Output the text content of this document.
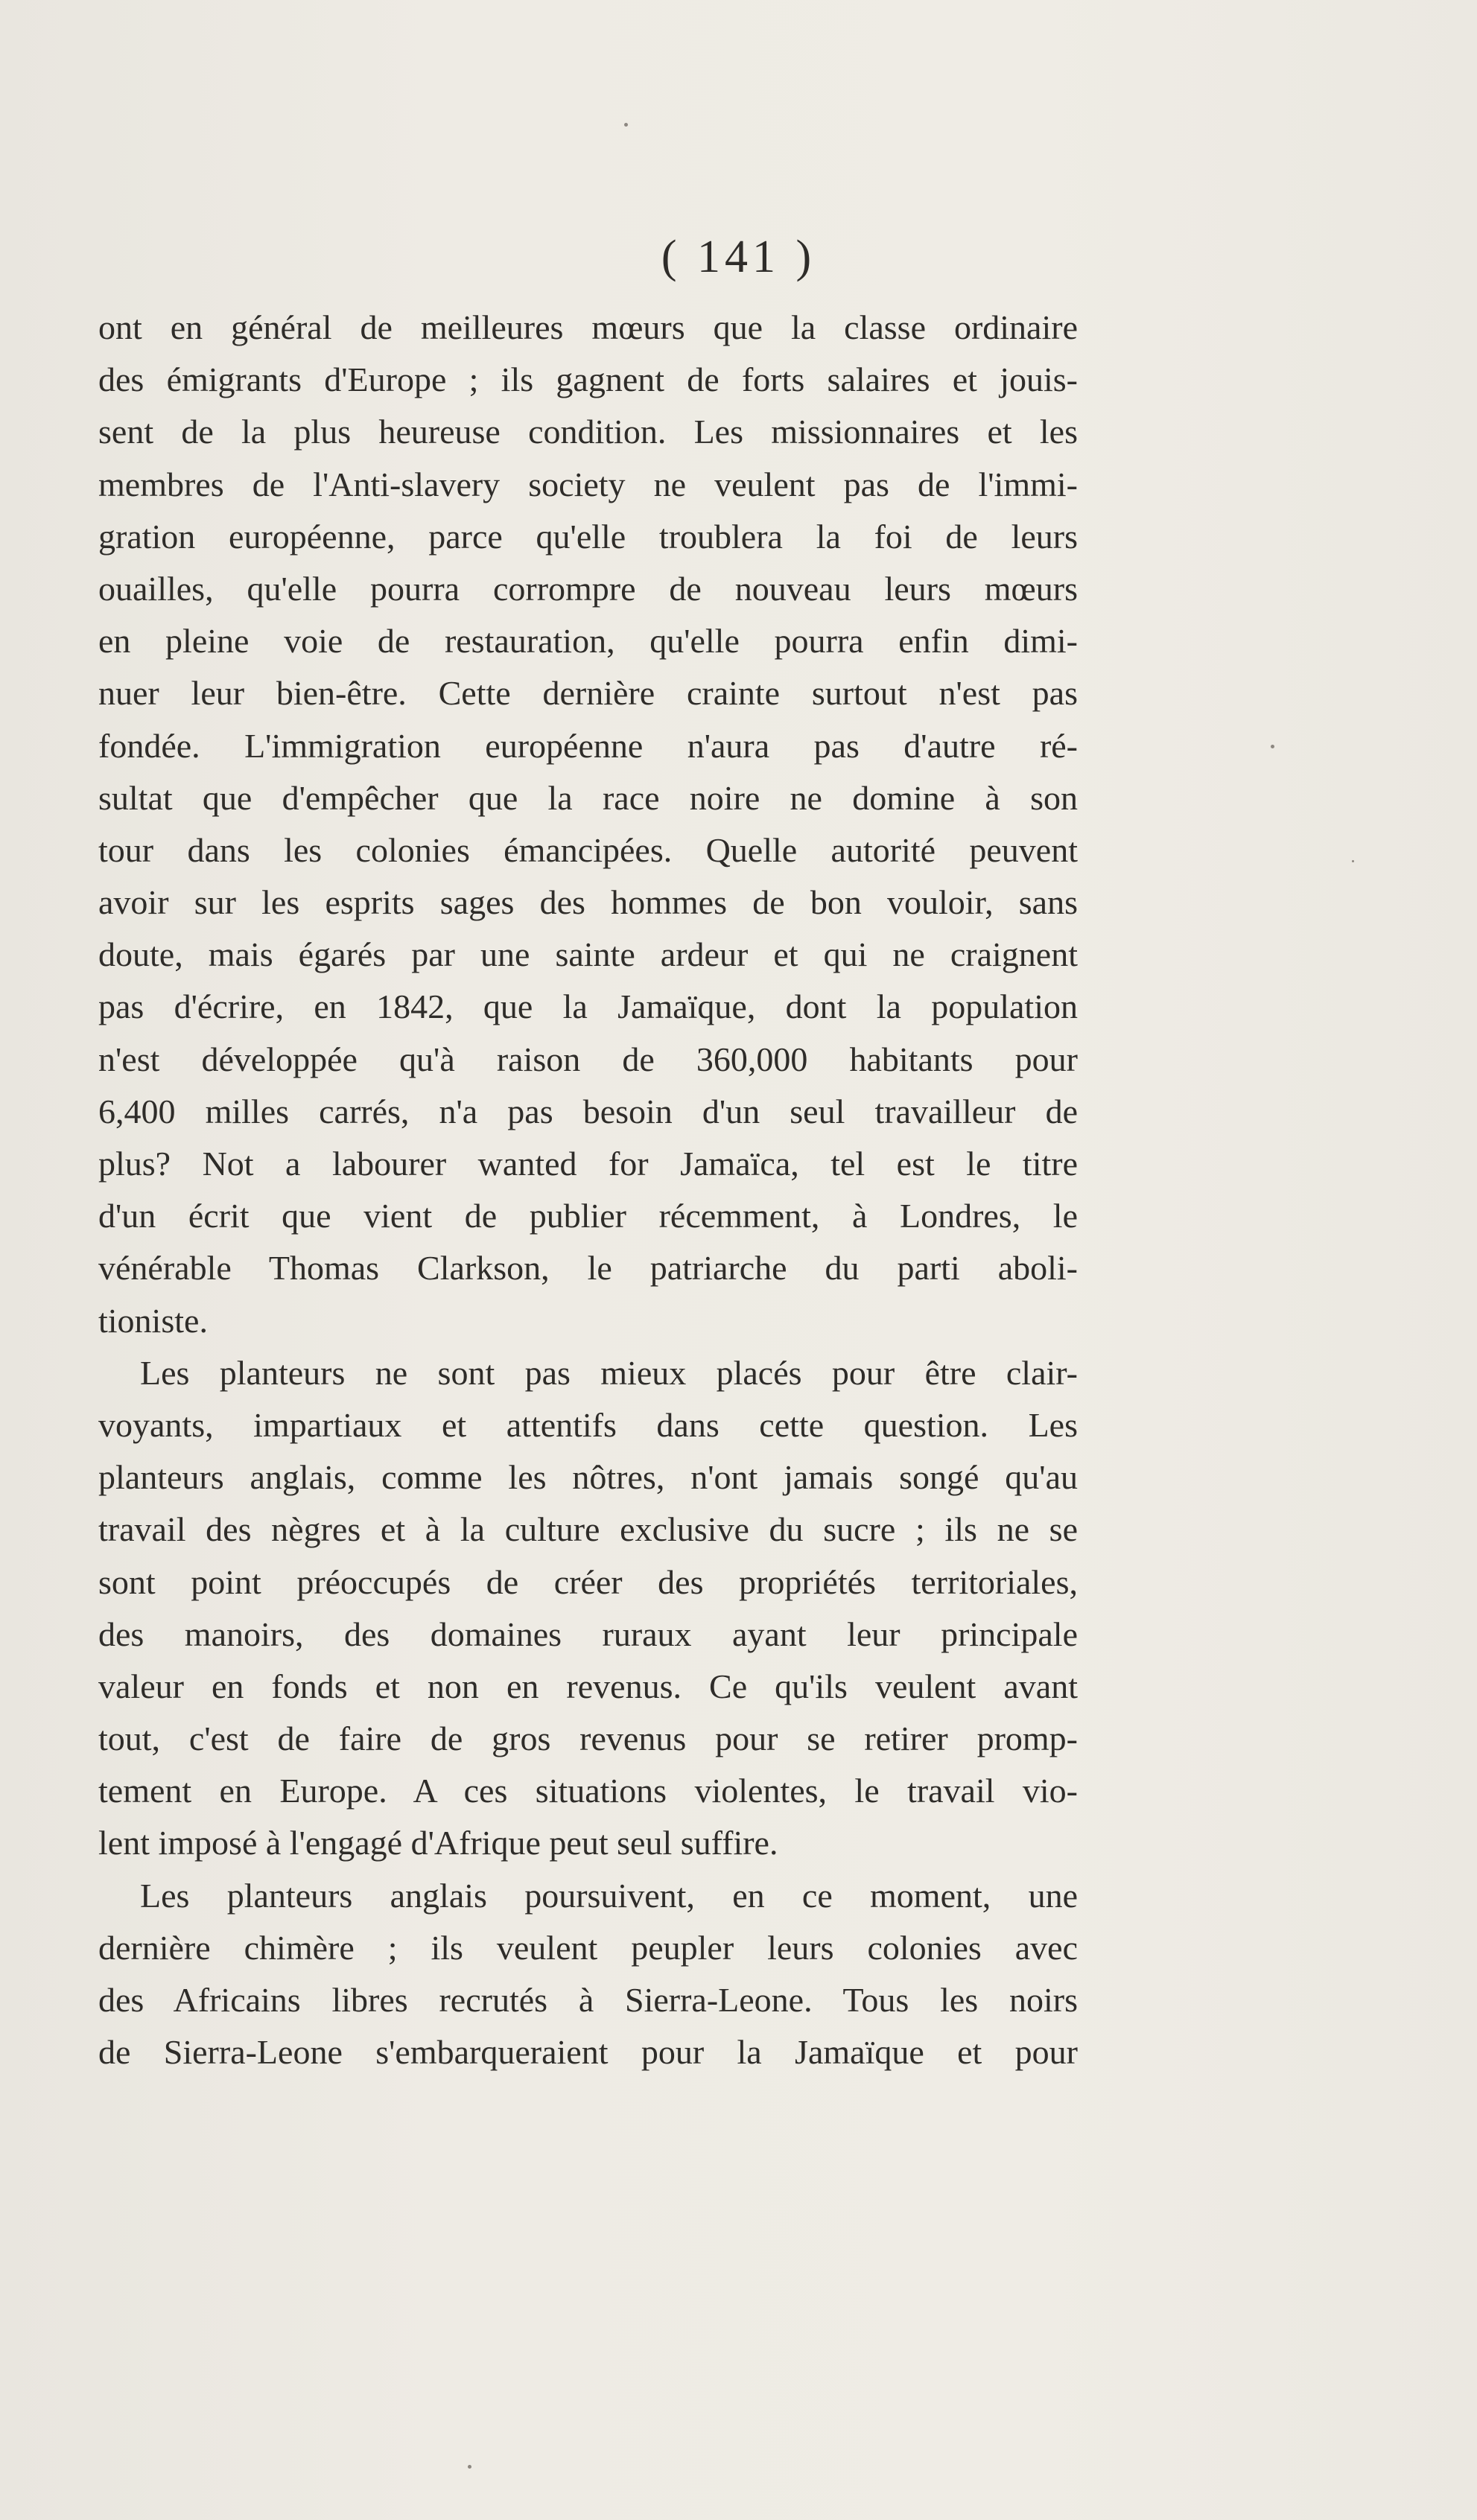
( 141 )
ont en général de meilleures mœurs que la classe ordinaire
des émigrants d'Europe ; ils gagnent de forts salaires et jouis-
sent de la plus heureuse condition. Les missionnaires et les
membres de l'Anti-slavery society ne veulent pas de l'immi-
gration européenne, parce qu'elle troublera la foi de leurs
ouailles, qu'elle pourra corrompre de nouveau leurs mœurs
en pleine voie de restauration, qu'elle pourra enfin dimi-
nuer leur bien-être. Cette dernière crainte surtout n'est pas
fondée. L'immigration européenne n'aura pas d'autre ré-
sultat que d'empêcher que la race noire ne domine à son
tour dans les colonies émancipées. Quelle autorité peuvent
avoir sur les esprits sages des hommes de bon vouloir, sans
doute, mais égarés par une sainte ardeur et qui ne craignent
pas d'écrire, en 1842, que la Jamaïque, dont la population
n'est développée qu'à raison de 360,000 habitants pour
6,400 milles carrés, n'a pas besoin d'un seul travailleur de
plus? Not a labourer wanted for Jamaïca, tel est le titre
d'un écrit que vient de publier récemment, à Londres, le
vénérable Thomas Clarkson, le patriarche du parti aboli-
tioniste.
Les planteurs ne sont pas mieux placés pour être clair-
voyants, impartiaux et attentifs dans cette question. Les
planteurs anglais, comme les nôtres, n'ont jamais songé qu'au
travail des nègres et à la culture exclusive du sucre ; ils ne se
sont point préoccupés de créer des propriétés territoriales,
des manoirs, des domaines ruraux ayant leur principale
valeur en fonds et non en revenus. Ce qu'ils veulent avant
tout, c'est de faire de gros revenus pour se retirer promp-
tement en Europe. A ces situations violentes, le travail vio-
lent imposé à l'engagé d'Afrique peut seul suffire.
Les planteurs anglais poursuivent, en ce moment, une
dernière chimère ; ils veulent peupler leurs colonies avec
des Africains libres recrutés à Sierra-Leone. Tous les noirs
de Sierra-Leone s'embarqueraient pour la Jamaïque et pour
